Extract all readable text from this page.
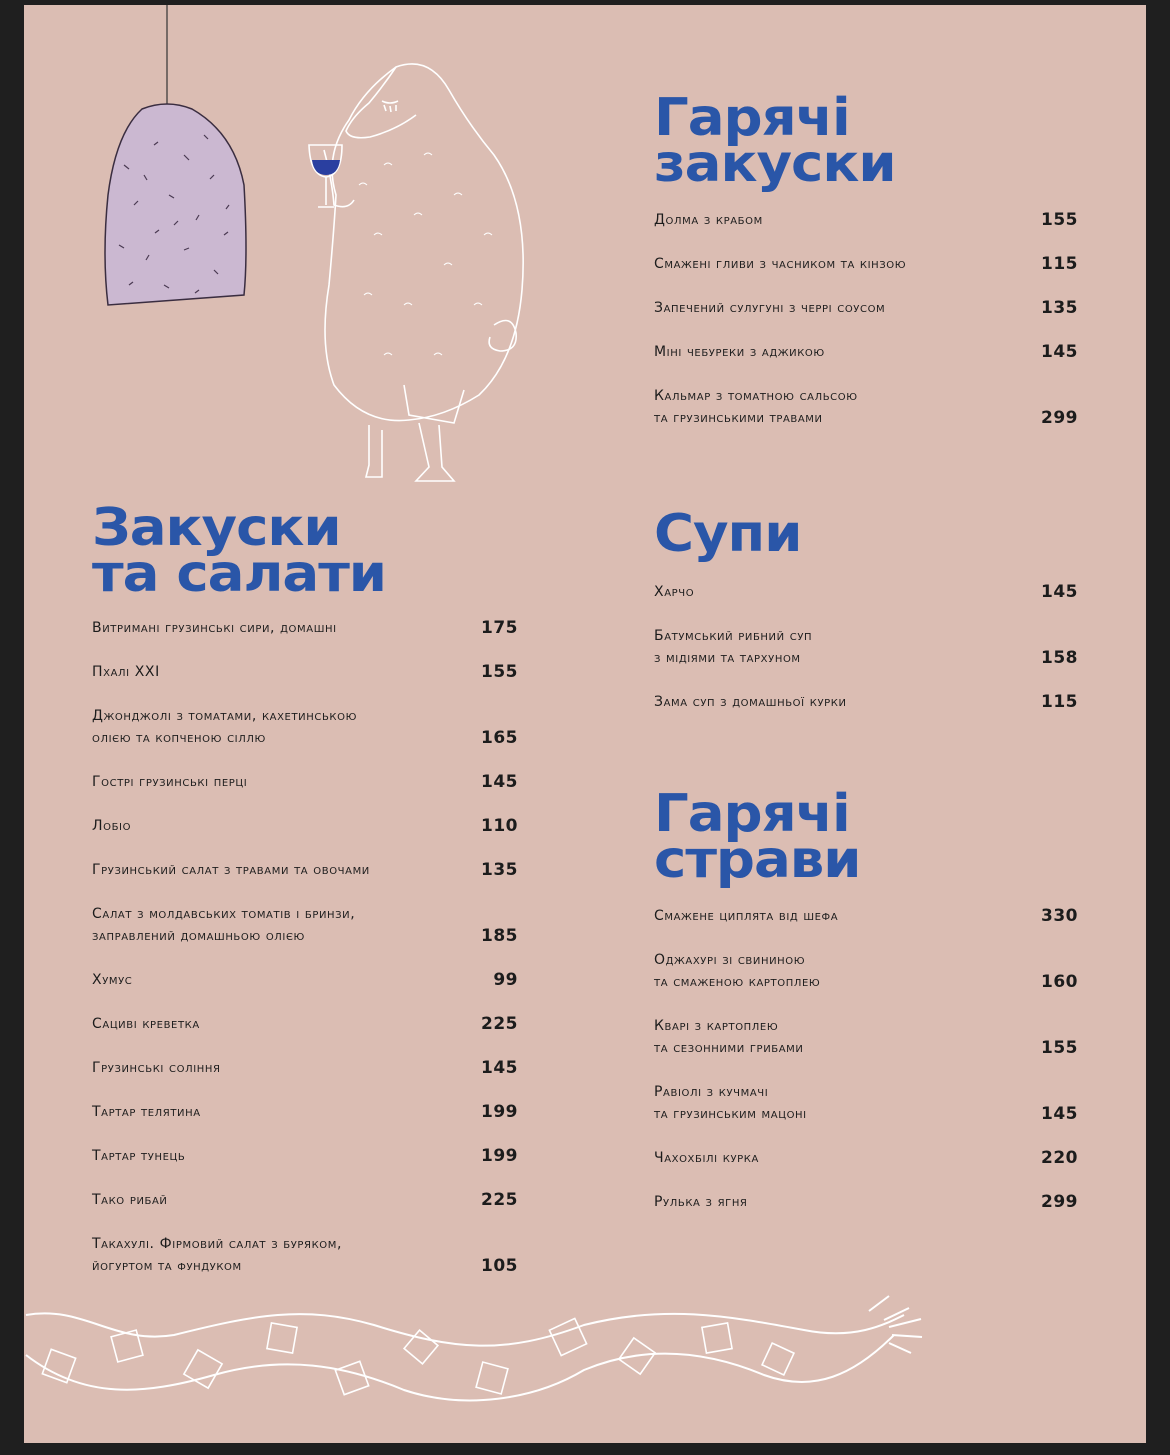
Гарячі
закуски
Долма з крабом	155
Смажені гливи з часником та кінзою	115
Запечений сулугуні з черрі соусом	135
Міні чебуреки з аджикою	145
Кальмар з томатною сальсою
та грузинськими травами	299
Супи
Харчо	145
Батумський рибний суп
з мідіями та тархуном	158
Зама суп з домашньої курки	115
Гарячі
страви
Смажене циплята від шефа	330
Оджахурі зі свининою
та смаженою картоплею	160
Кварі з картоплею
та сезонними грибами	155
Равіолі з кучмачі
та грузинським мацоні	145
Чахохбілі курка	220
Рулька з ягня	299
Закуски
та салати
Витримані грузинські сири, домашні	175
Пхалі XXI	155
Джонджолі з томатами, кахетинською
олією та копченою сіллю	165
Гострі грузинські перці	145
Лобіо	110
Грузинський салат з травами та овочами	135
Салат з молдавських томатів і бринзи,
заправлений домашньою олією	185
Хумус	99
Сациві креветка	225
Грузинські соління	145
Тартар телятина	199
Тартар тунець	199
Тако рибай	225
Такахулі. Фірмовий салат з буряком,
йогуртом та фундуком	105
